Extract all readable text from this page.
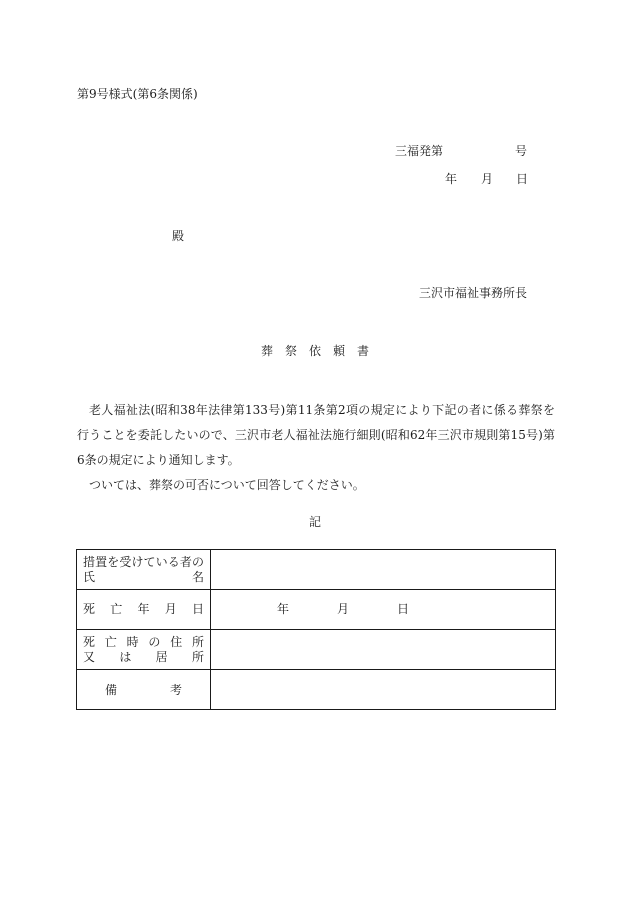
第9号様式(第6条関係)
三福発第	号
年 月 日
殿
三沢市福祉事務所長
葬祭依頼書

老人福祉法(昭和38年法律第133号)第11条第2項の規定により下記の者に係る葬祭を行うことを委託したいので、三沢市老人福祉法施行細則(昭和62年三沢市規則第15号)第6条の規定により通知します。

ついては、葬祭の可否について回答してください。

記
措置を受けている者の
氏名	

死亡年月日	年 月 日

死亡時の住所
又は居所	

備考	
